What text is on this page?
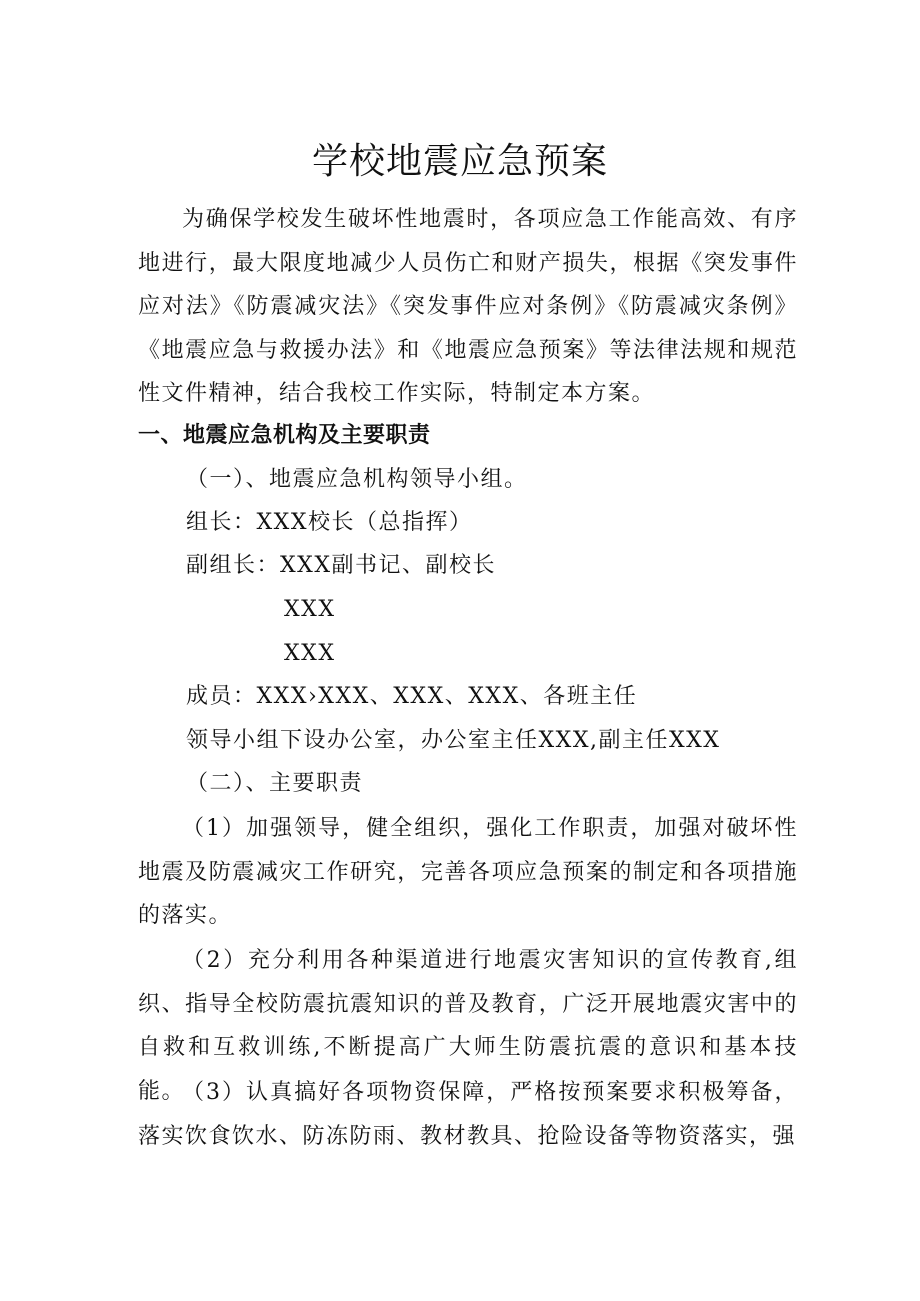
学校地震应急预案

为确保学校发生破坏性地震时，各项应急工作能高效、有序地进行，最大限度地减少人员伤亡和财产损失，根据《突发事件应对法》《防震减灾法》《突发事件应对条例》《防震减灾条例》《地震应急与救援办法》和《地震应急预案》等法律法规和规范性文件精神，结合我校工作实际，特制定本方案。

一、地震应急机构及主要职责
（一）、地震应急机构领导小组。
组长：XXX校长（总指挥）
副组长：XXX副书记、副校长
XXX
XXX
成员：XXX›XXX、XXX、XXX、各班主任
领导小组下设办公室，办公室主任XXX,副主任XXX
（二）、主要职责

（1）加强领导，健全组织，强化工作职责，加强对破坏性地震及防震减灾工作研究，完善各项应急预案的制定和各项措施的落实。

（2）充分利用各种渠道进行地震灾害知识的宣传教育,组织、指导全校防震抗震知识的普及教育，广泛开展地震灾害中的自救和互救训练,不断提高广大师生防震抗震的意识和基本技能。

（3）认真搞好各项物资保障，严格按预案要求积极筹备，落实饮食饮水、防冻防雨、教材教具、抢险设备等物资落实，强
